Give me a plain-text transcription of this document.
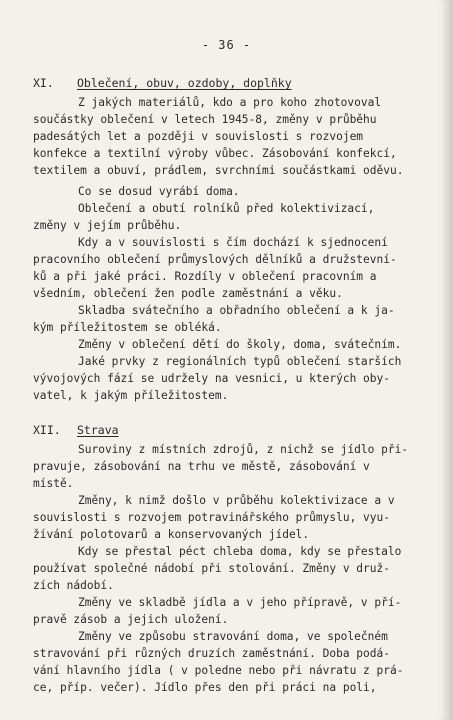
- 36 -
XI. Oblečení, obuv, ozdoby, doplňky
Z jakých materiálů, kdo a pro koho zhotovoval
součástky oblečení v letech 1945-8, změny v průběhu
padesátých let a později v souvislosti s rozvojem
konfekce a textilní výroby vůbec. Zásobování konfekcí,
textilem a obuví, prádlem, svrchními součástkami oděvu.
Co se dosud vyrábí doma.
Oblečení a obutí rolníků před kolektivizací,
změny v jejím průběhu.
Kdy a v souvislosti s čím dochází k sjednocení
pracovního oblečení průmyslových dělníků a družstevní-
ků a při jaké práci. Rozdíly v oblečení pracovním a
všedním, oblečení žen podle zaměstnání a věku.
Skladba svátečního a obřadního oblečení a k ja-
kým příležitostem se obléká.
Změny v oblečení dětí do školy, doma, svátečním.
Jaké prvky z regionálních typů oblečení starších
vývojových fází se udržely na vesnici, u kterých oby-
vatel, k jakým příležitostem.
XII. Strava
Suroviny z místních zdrojů, z nichž se jídlo při-
pravuje, zásobování na trhu ve městě, zásobování v
místě.
Změny, k nimž došlo v průběhu kolektivizace a v
souvislosti s rozvojem potravinářského průmyslu, vyu-
žívání polotovarů a konservovaných jídel.
Kdy se přestal péct chleba doma, kdy se přestalo
používat společné nádobí při stolování. Změny v druž-
zích nádobí.
Změny ve skladbě jídla a v jeho přípravě, v pří-
pravě zásob a jejich uložení.
Změny ve způsobu stravování doma, ve společném
stravování při různých druzích zaměstnání. Doba podá-
vání hlavního jídla ( v poledne nebo při návratu z prá-
ce, příp. večer). Jídlo přes den při práci na poli,
